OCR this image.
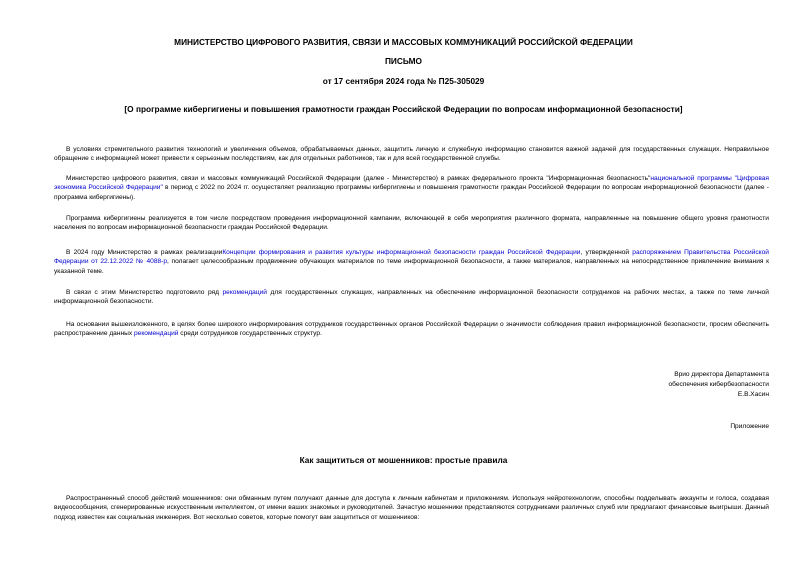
МИНИСТЕРСТВО ЦИФРОВОГО РАЗВИТИЯ, СВЯЗИ И МАССОВЫХ КОММУНИКАЦИЙ РОССИЙСКОЙ ФЕДЕРАЦИИ
ПИСЬМО
от 17 сентября 2024 года № П25-305029
[О программе кибергигиены и повышения грамотности граждан Российской Федерации по вопросам информационной безопасности]

В условиях стремительного развития технологий и увеличения объемов, обрабатываемых данных, защитить личную и служебную информацию становится важной задачей для государственных служащих. Неправильное обращение с информацией может привести к серьезным последствиям, как для отдельных работников, так и для всей государственной службы.

Министерство цифрового развития, связи и массовых коммуникаций Российской Федерации (далее - Министерство) в рамках федерального проекта "Информационная безопасность"национальной программы "Цифровая экономика Российской Федерации" в период с 2022 по 2024 гг. осуществляет реализацию программы кибергигиены и повышения грамотности граждан Российской Федерации по вопросам информационной безопасности (далее - программа кибергигиены).

Программа кибергигиены реализуется в том числе посредством проведения информационной кампании, включающей в себя мероприятия различного формата, направленные на повышение общего уровня грамотности населения по вопросам информационной безопасности граждан Российской Федерации.

В 2024 году Министерство в рамках реализацииКонцепции формирования и развития культуры информационной безопасности граждан Российской Федерации, утвержденной распоряжением Правительства Российской Федерации от 22.12.2022 № 4088-р, полагает целесообразным продвижение обучающих материалов по теме информационной безопасности, а также материалов, направленных на непосредственное привлечение внимания к указанной теме.

В связи с этим Министерство подготовило ряд рекомендаций для государственных служащих, направленных на обеспечение информационной безопасности сотрудников на рабочих местах, а также по теме личной информационной безопасности.

На основании вышеизложенного, в целях более широкого информирования сотрудников государственных органов Российской Федерации о значимости соблюдения правил информационной безопасности, просим обеспечить распространение данных рекомендаций среди сотрудников государственных структур.

Врио директора Департамента
обеспечения кибербезопасности
Е.В.Хасин
Приложение
Как защититься от мошенников: простые правила

Распространенный способ действий мошенников: они обманным путем получают данные для доступа к личным кабинетам и приложениям. Используя нейротехнологии, способны подделывать аккаунты и голоса, создавая видеосообщения, сгенерированные искусственным интеллектом, от имени ваших знакомых и руководителей. Зачастую мошенники представляются сотрудниками различных служб или предлагают финансовые выигрыши. Данный подход известен как социальная инженерия. Вот несколько советов, которые помогут вам защититься от мошенников:
